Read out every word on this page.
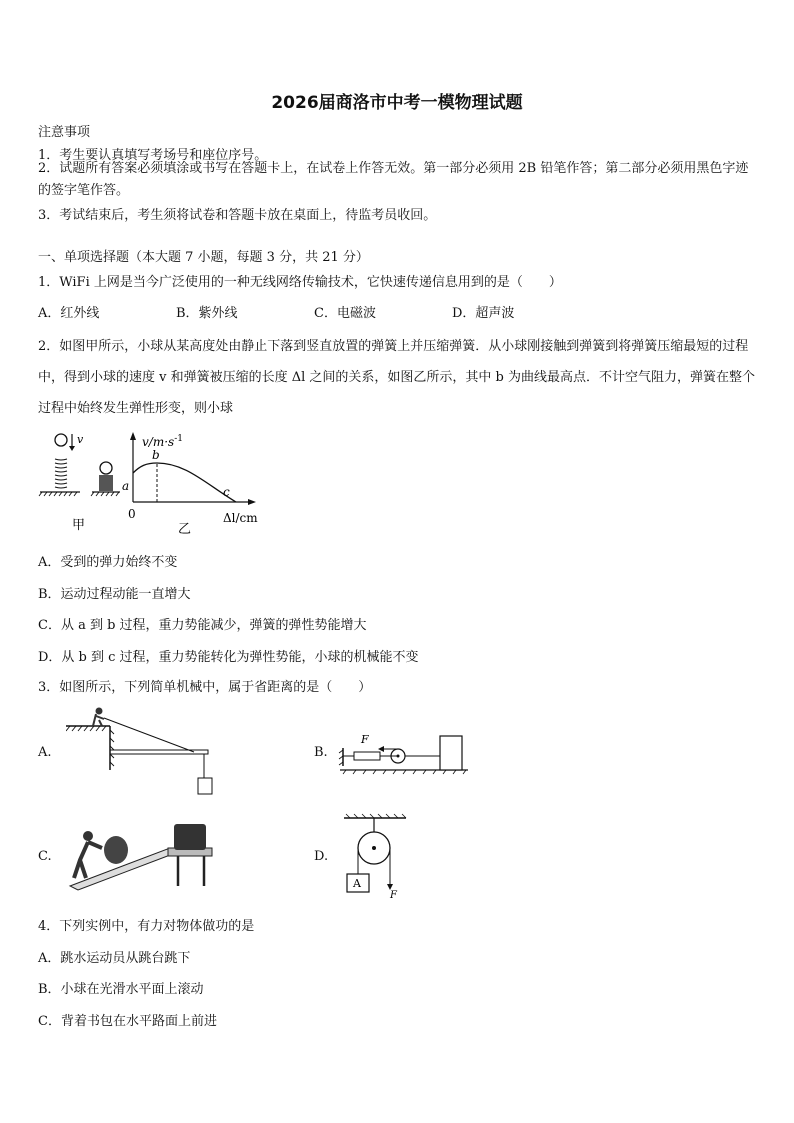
2026届商洛市中考一模物理试题
注意事项
1．考生要认真填写考场号和座位序号。
2．试题所有答案必须填涂或书写在答题卡上，在试卷上作答无效。第一部分必须用 2B 铅笔作答；第二部分必须用黑色字迹的签字笔作答。
3．考试结束后，考生须将试卷和答题卡放在桌面上，待监考员收回。
一、单项选择题（本大题 7 小题，每题 3 分，共 21 分）
1．WiFi 上网是当今广泛使用的一种无线网络传输技术，它快速传递信息用到的是（　　）
A．红外线	B．紫外线	C．电磁波	D．超声波
2．如图甲所示，小球从某高度处由静止下落到竖直放置的弹簧上并压缩弹簧．从小球刚接触到弹簧到将弹簧压缩最短的过程中，得到小球的速度 v 和弹簧被压缩的长度 Δl 之间的关系，如图乙所示，其中 b 为曲线最高点．不计空气阻力，弹簧在整个过程中始终发生弹性形变，则小球
v
甲
$v/m\cdot s^{-1}$
b
a	c
0	Δl/cm
乙
A．受到的弹力始终不变
B．运动过程动能一直增大
C．从 a 到 b 过程，重力势能减少，弹簧的弹性势能增大
D．从 b 到 c 过程，重力势能转化为弹性势能，小球的机械能不变
3．如图所示，下列简单机械中，属于省距离的是（　　）
A.	B.
F
C.	D.
F
A
4．下列实例中，有力对物体做功的是
A．跳水运动员从跳台跳下
B．小球在光滑水平面上滚动
C．背着书包在水平路面上前进
